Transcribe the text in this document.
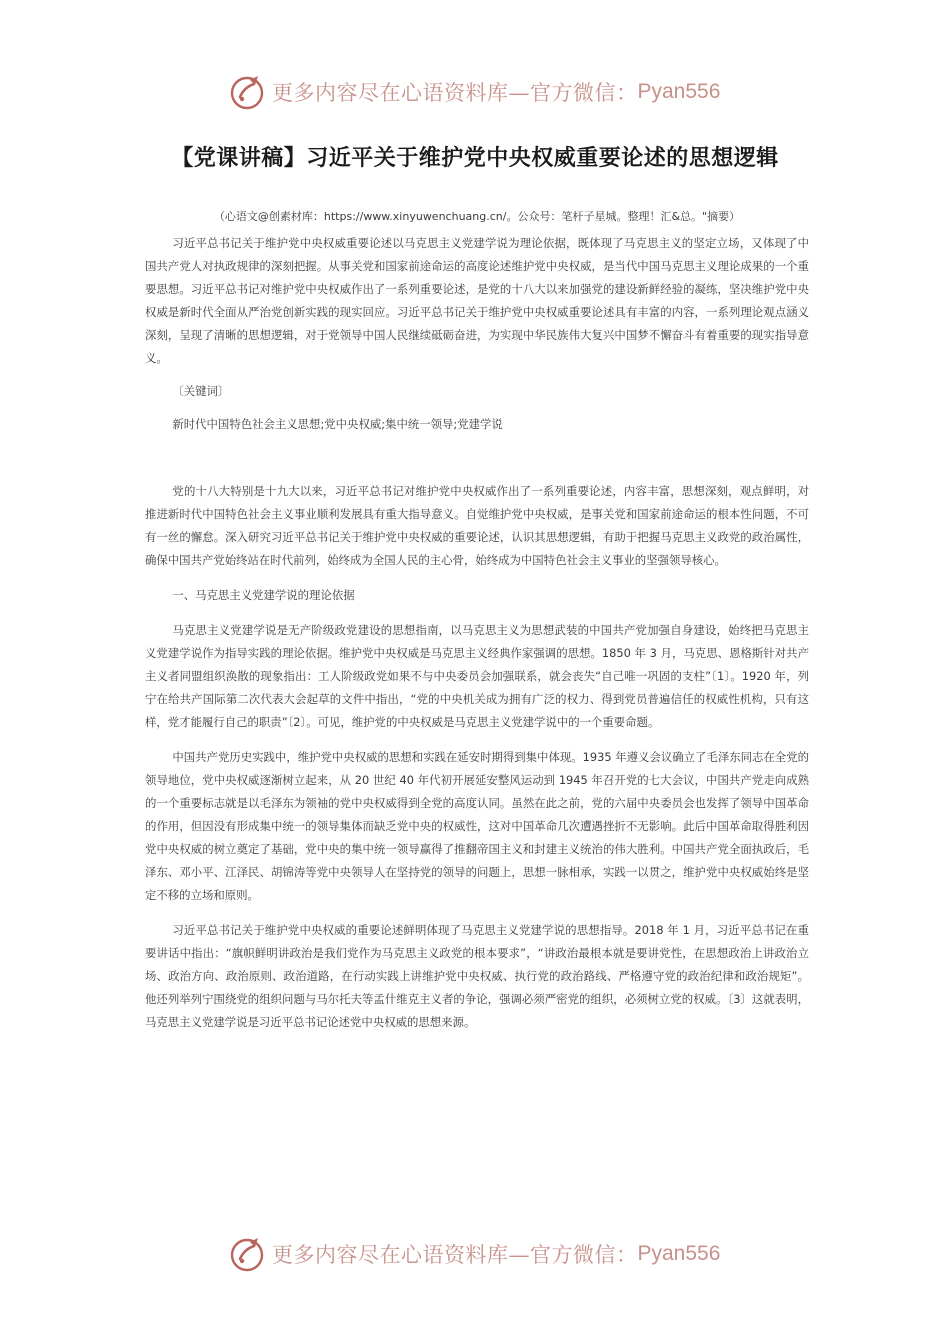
更多内容尽在心语资料库—官方微信： Pyan556
【党课讲稿】习近平关于维护党中央权威重要论述的思想逻辑

（心语文@创素材库：https://www.xinyuwenchuang.cn/。公众号：笔杆子星城。整理！汇&总。"摘要）

习近平总书记关于维护党中央权威重要论述以马克思主义党建学说为理论依据，既体现了马克思主义的坚定立场，又体现了中国共产党人对执政规律的深刻把握。从事关党和国家前途命运的高度论述维护党中央权威，是当代中国马克思主义理论成果的一个重要思想。习近平总书记对维护党中央权威作出了一系列重要论述，是党的十八大以来加强党的建设新鲜经验的凝练，坚决维护党中央权威是新时代全面从严治党创新实践的现实回应。习近平总书记关于维护党中央权威重要论述具有丰富的内容，一系列理论观点涵义深刻，呈现了清晰的思想逻辑，对于党领导中国人民继续砥砺奋进，为实现中华民族伟大复兴中国梦不懈奋斗有着重要的现实指导意义。

〔关键词〕

新时代中国特色社会主义思想;党中央权威;集中统一领导;党建学说

党的十八大特别是十九大以来，习近平总书记对维护党中央权威作出了一系列重要论述，内容丰富，思想深刻，观点鲜明，对推进新时代中国特色社会主义事业顺利发展具有重大指导意义。自觉维护党中央权威，是事关党和国家前途命运的根本性问题，不可有一丝的懈怠。深入研究习近平总书记关于维护党中央权威的重要论述，认识其思想逻辑，有助于把握马克思主义政党的政治属性，确保中国共产党始终站在时代前列，始终成为全国人民的主心骨，始终成为中国特色社会主义事业的坚强领导核心。

一、马克思主义党建学说的理论依据

马克思主义党建学说是无产阶级政党建设的思想指南，以马克思主义为思想武装的中国共产党加强自身建设，始终把马克思主义党建学说作为指导实践的理论依据。维护党中央权威是马克思主义经典作家强调的思想。1850 年 3 月，马克思、恩格斯针对共产主义者同盟组织涣散的现象指出：工人阶级政党如果不与中央委员会加强联系，就会丧失“自己唯一巩固的支柱”〔1〕。1920 年，列宁在给共产国际第二次代表大会起草的文件中指出，“党的中央机关成为拥有广泛的权力、得到党员普遍信任的权威性机构，只有这样，党才能履行自己的职责”〔2〕。可见，维护党的中央权威是马克思主义党建学说中的一个重要命题。

中国共产党历史实践中，维护党中央权威的思想和实践在延安时期得到集中体现。1935 年遵义会议确立了毛泽东同志在全党的领导地位，党中央权威逐渐树立起来，从 20 世纪 40 年代初开展延安整风运动到 1945 年召开党的七大会议，中国共产党走向成熟的一个重要标志就是以毛泽东为领袖的党中央权威得到全党的高度认同。虽然在此之前，党的六届中央委员会也发挥了领导中国革命的作用，但因没有形成集中统一的领导集体而缺乏党中央的权威性，这对中国革命几次遭遇挫折不无影响。此后中国革命取得胜利因党中央权威的树立奠定了基础，党中央的集中统一领导赢得了推翻帝国主义和封建主义统治的伟大胜利。中国共产党全面执政后，毛泽东、邓小平、江泽民、胡锦涛等党中央领导人在坚持党的领导的问题上，思想一脉相承，实践一以贯之，维护党中央权威始终是坚定不移的立场和原则。

习近平总书记关于维护党中央权威的重要论述鲜明体现了马克思主义党建学说的思想指导。2018 年 1 月，习近平总书记在重要讲话中指出：“旗帜鲜明讲政治是我们党作为马克思主义政党的根本要求”，“讲政治最根本就是要讲党性，在思想政治上讲政治立场、政治方向、政治原则、政治道路，在行动实践上讲维护党中央权威、执行党的政治路线、严格遵守党的政治纪律和政治规矩”。他还列举列宁围绕党的组织问题与马尔托夫等孟什维克主义者的争论，强调必须严密党的组织，必须树立党的权威。〔3〕这就表明，马克思主义党建学说是习近平总书记论述党中央权威的思想来源。

更多内容尽在心语资料库—官方微信： Pyan556
